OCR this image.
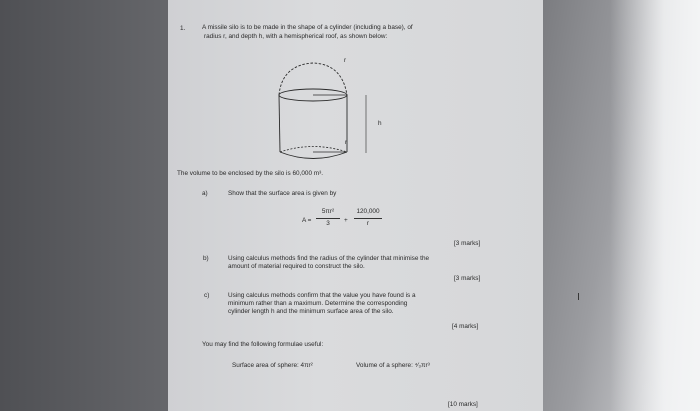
1.	A missile silo is to be made in the shape of a cylinder (including a base), of
radius r, and depth h, with a hemispherical roof, as shown below:
r
h
r
The volume to be enclosed by the silo is 60,000 m³.
a)	Show that the surface area is given by
A =
5πr²
3	+
120,000
r
[3 marks]
b)	Using calculus methods find the radius of the cylinder that minimise the
amount of material required to construct the silo.
[3 marks]
c)	Using calculus methods confirm that the value you have found is a
minimum rather than a maximum. Determine the corresponding
cylinder length h and the minimum surface area of the silo.
[4 marks]
You may find the following formulae useful:
Surface area of sphere: 4πr²	Volume of a sphere: ⁴⁄₃πr³
[10 marks]
I
